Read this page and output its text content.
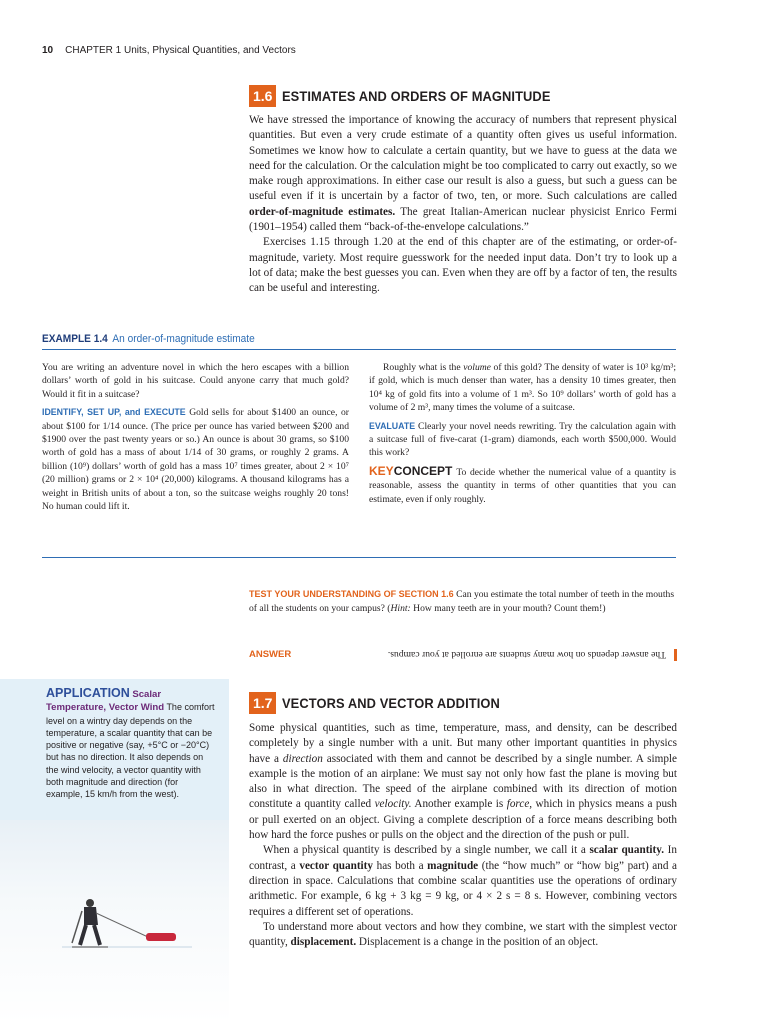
10 CHAPTER 1 Units, Physical Quantities, and Vectors
1.6 ESTIMATES AND ORDERS OF MAGNITUDE

We have stressed the importance of knowing the accuracy of numbers that represent physical quantities. But even a very crude estimate of a quantity often gives us useful information. Sometimes we know how to calculate a certain quantity, but we have to guess at the data we need for the calculation. Or the calculation might be too complicated to carry out exactly, so we make rough approximations. In either case our result is also a guess, but such a guess can be useful even if it is uncertain by a factor of two, ten, or more. Such calculations are called order-of-magnitude estimates. The great Italian-American nuclear physicist Enrico Fermi (1901–1954) called them “back-of-the-envelope calculations.”

Exercises 1.15 through 1.20 at the end of this chapter are of the estimating, or order-of-magnitude, variety. Most require guesswork for the needed input data. Don’t try to look up a lot of data; make the best guesses you can. Even when they are off by a factor of ten, the results can be useful and interesting.

EXAMPLE 1.4 An order-of-magnitude estimate

You are writing an adventure novel in which the hero escapes with a billion dollars’ worth of gold in his suitcase. Could anyone carry that much gold? Would it fit in a suitcase?

IDENTIFY, SET UP, and EXECUTE Gold sells for about $1400 an ounce, or about $100 for 1/14 ounce. (The price per ounce has varied between $200 and $1900 over the past twenty years or so.) An ounce is about 30 grams, so $100 worth of gold has a mass of about 1/14 of 30 grams, or roughly 2 grams. A billion (10⁹) dollars’ worth of gold has a mass 10⁷ times greater, about 2 × 10⁷ (20 million) grams or 2 × 10⁴ (20,000) kilograms. A thousand kilograms has a weight in British units of about a ton, so the suitcase weighs roughly 20 tons! No human could lift it.

Roughly what is the volume of this gold? The density of water is 10³ kg/m³; if gold, which is much denser than water, has a density 10 times greater, then 10⁴ kg of gold fits into a volume of 1 m³. So 10⁹ dollars’ worth of gold has a volume of 2 m³, many times the volume of a suitcase.

EVALUATE Clearly your novel needs rewriting. Try the calculation again with a suitcase full of five-carat (1-gram) diamonds, each worth $500,000. Would this work?

KEYCONCEPT To decide whether the numerical value of a quantity is reasonable, assess the quantity in terms of other quantities that you can estimate, even if only roughly.

TEST YOUR UNDERSTANDING OF SECTION 1.6 Can you estimate the total number of teeth in the mouths of all the students on your campus? (Hint: How many teeth are in your mouth? Count them!)
ANSWER	The answer depends on how many students are enrolled at your campus.
APPLICATION Scalar
Temperature, Vector Wind The comfort level on a wintry day depends on the temperature, a scalar quantity that can be positive or negative (say, +5°C or −20°C) but has no direction. It also depends on the wind velocity, a vector quantity with both magnitude and direction (for example, 15 km/h from the west).
1.7 VECTORS AND VECTOR ADDITION

Some physical quantities, such as time, temperature, mass, and density, can be described completely by a single number with a unit. But many other important quantities in physics have a direction associated with them and cannot be described by a single number. A simple example is the motion of an airplane: We must say not only how fast the plane is moving but also in what direction. The speed of the airplane combined with its direction of motion constitute a quantity called velocity. Another example is force, which in physics means a push or pull exerted on an object. Giving a complete description of a force means describing both how hard the force pushes or pulls on the object and the direction of the push or pull.

When a physical quantity is described by a single number, we call it a scalar quantity. In contrast, a vector quantity has both a magnitude (the “how much” or “how big” part) and a direction in space. Calculations that combine scalar quantities use the operations of ordinary arithmetic. For example, 6 kg + 3 kg = 9 kg, or 4 × 2 s = 8 s. However, combining vectors requires a different set of operations.

To understand more about vectors and how they combine, we start with the simplest vector quantity, displacement. Displacement is a change in the position of an object.
